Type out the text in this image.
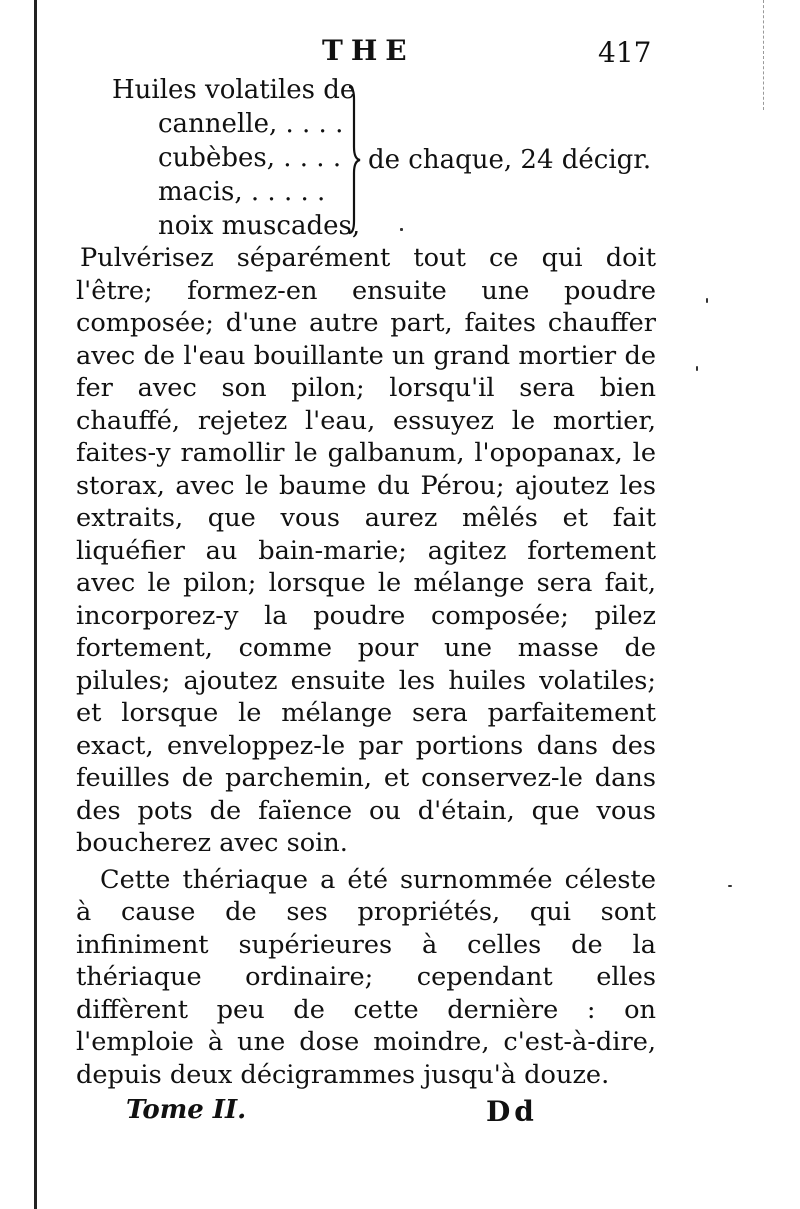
THE	417
Huiles volatiles de
cannelle, . . . .
cubèbes, . . . .
macis, . . . . .
noix muscades,
de chaque, 24 décigr.

Pulvérisez séparément tout ce qui doit l'être; formez-en ensuite une poudre composée; d'une autre part, faites chauffer avec de l'eau bouillante un grand mortier de fer avec son pilon; lorsqu'il sera bien chauffé, rejetez l'eau, essuyez le mortier, faites-y ramollir le galbanum, l'opopanax, le storax, avec le baume du Pérou; ajoutez les extraits, que vous aurez mêlés et fait liquéfier au bain-marie; agitez fortement avec le pilon; lorsque le mélange sera fait, incorporez-y la poudre composée; pilez fortement, comme pour une masse de pilules; ajoutez ensuite les huiles volatiles; et lorsque le mélange sera parfaitement exact, enveloppez-le par portions dans des feuilles de parchemin, et conservez-le dans des pots de faïence ou d'étain, que vous boucherez avec soin.

Cette thériaque a été surnommée céleste à cause de ses propriétés, qui sont infiniment supérieures à celles de la thériaque ordinaire; cependant elles diffèrent peu de cette dernière : on l'emploie à une dose moindre, c'est-à-dire, depuis deux décigrammes jusqu'à douze.

Tome II.	Dd
